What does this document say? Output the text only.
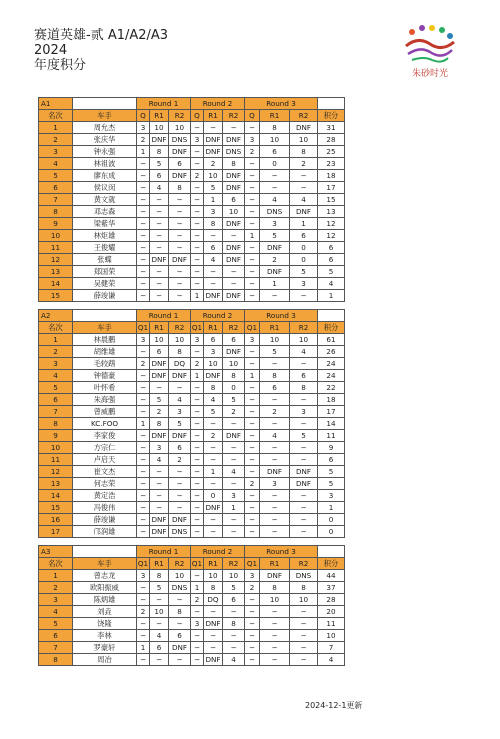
赛道英雄-贰 A1/A2/A3
2024
年度积分
朱砂时光
A1		Round 1			Round 2			Round 3			
名次	车手	Q	R1	R2	Q	R1	R2	Q	R1	R2	积分
1	周允杰	3	10	10	−	−	−	−	8	DNF	31
2	张庆华	2	DNF	DNS	3	DNF	DNF	3	10	10	28
3	钟永强	1	8	DNF	−	DNF	DNS	2	6	8	25
4	林祖波	−	5	6	−	2	8	−	0	2	23
5	廖东成	−	6	DNF	2	10	DNF	−	−	−	18
6	侯议闵	−	4	8	−	5	DNF	−	−	−	17
7	黄文就	−	−	−	−	1	6	−	4	4	15
8	邓志森	−	−	−	−	3	10	−	DNS	DNF	13
9	梁紫华	−	−	−	−	8	DNF	−	3	1	12
10	林炬雄	−	−	−	−	−	−	1	5	6	12
11	王俊耀	−	−	−	−	6	DNF	−	DNF	0	6
12	张蝶	−	DNF	DNF	−	4	DNF	−	2	0	6
13	郑国荣	−	−	−	−	−	−	−	DNF	5	5
14	吴健荣	−	−	−	−	−	−	−	1	3	4
15	薛竣谦	−	−	−	1	DNF	DNF	−	−	−	1
A2		Round 1			Round 2			Round 3			
名次	车手	Q1	R1	R2	Q1	R1	R2	Q1	R1	R2	积分
1	林晨鹏	3	10	10	3	6	6	3	10	10	61
2	胡维雄	−	6	8	−	3	DNF	−	5	4	26
3	毛较鹉	2	DNF	DQ	2	10	10	−	−	−	24
4	钟德豪	−	DNF	DNF	1	DNF	8	1	8	6	24
5	叶怀希	−	−	−	−	8	0	−	6	8	22
6	朱海强	−	5	4	−	4	5	−	−	−	18
7	曾威鹏	−	2	3	−	5	2	−	2	3	17
8	KC.FOO	1	8	5	−	−	−	−	−	−	14
9	李家俊	−	DNF	DNF	−	2	DNF	−	4	5	11
10	方宗仁	−	3	6	−	−	−	−	−	−	9
11	卢启天	−	4	2	−	−	−	−	−	−	6
12	崔文杰	−	−	−	−	1	4	−	DNF	DNF	5
13	何志荣	−	−	−	−	−	−	2	3	DNF	5
14	黄定浩	−	−	−	−	0	3	−	−	−	3
15	冯俊伟	−	−	−	−	DNF	1	−	−	−	1
16	薛竣谦	−	DNF	DNF	−	−	−	−	−	−	0
17	邝润雄	−	DNF	DNS	−	−	−	−	−	−	0
A3		Round 1			Round 2			Round 3			
名次	车手	Q1	R1	R2	Q1	R1	R2	Q1	R1	R2	积分
1	曾志龙	3	8	10	−	10	10	3	DNF	DNS	44
2	欧阳振威	−	5	DNS	1	8	5	2	8	8	37
3	陈炳雄	−	−	−	2	DQ	6	−	10	10	28
4	刘垚	2	10	8	−	−	−	−	−	−	20
5	饶隆	−	−	−	3	DNF	8	−	−	−	11
6	李林	−	4	6	−	−	−	−	−	−	10
7	罗豪轩	1	6	DNF	−	−	−	−	−	−	7
8	周冶	−	−	−	−	DNF	4	−	−	−	4
2024-12-1更新
